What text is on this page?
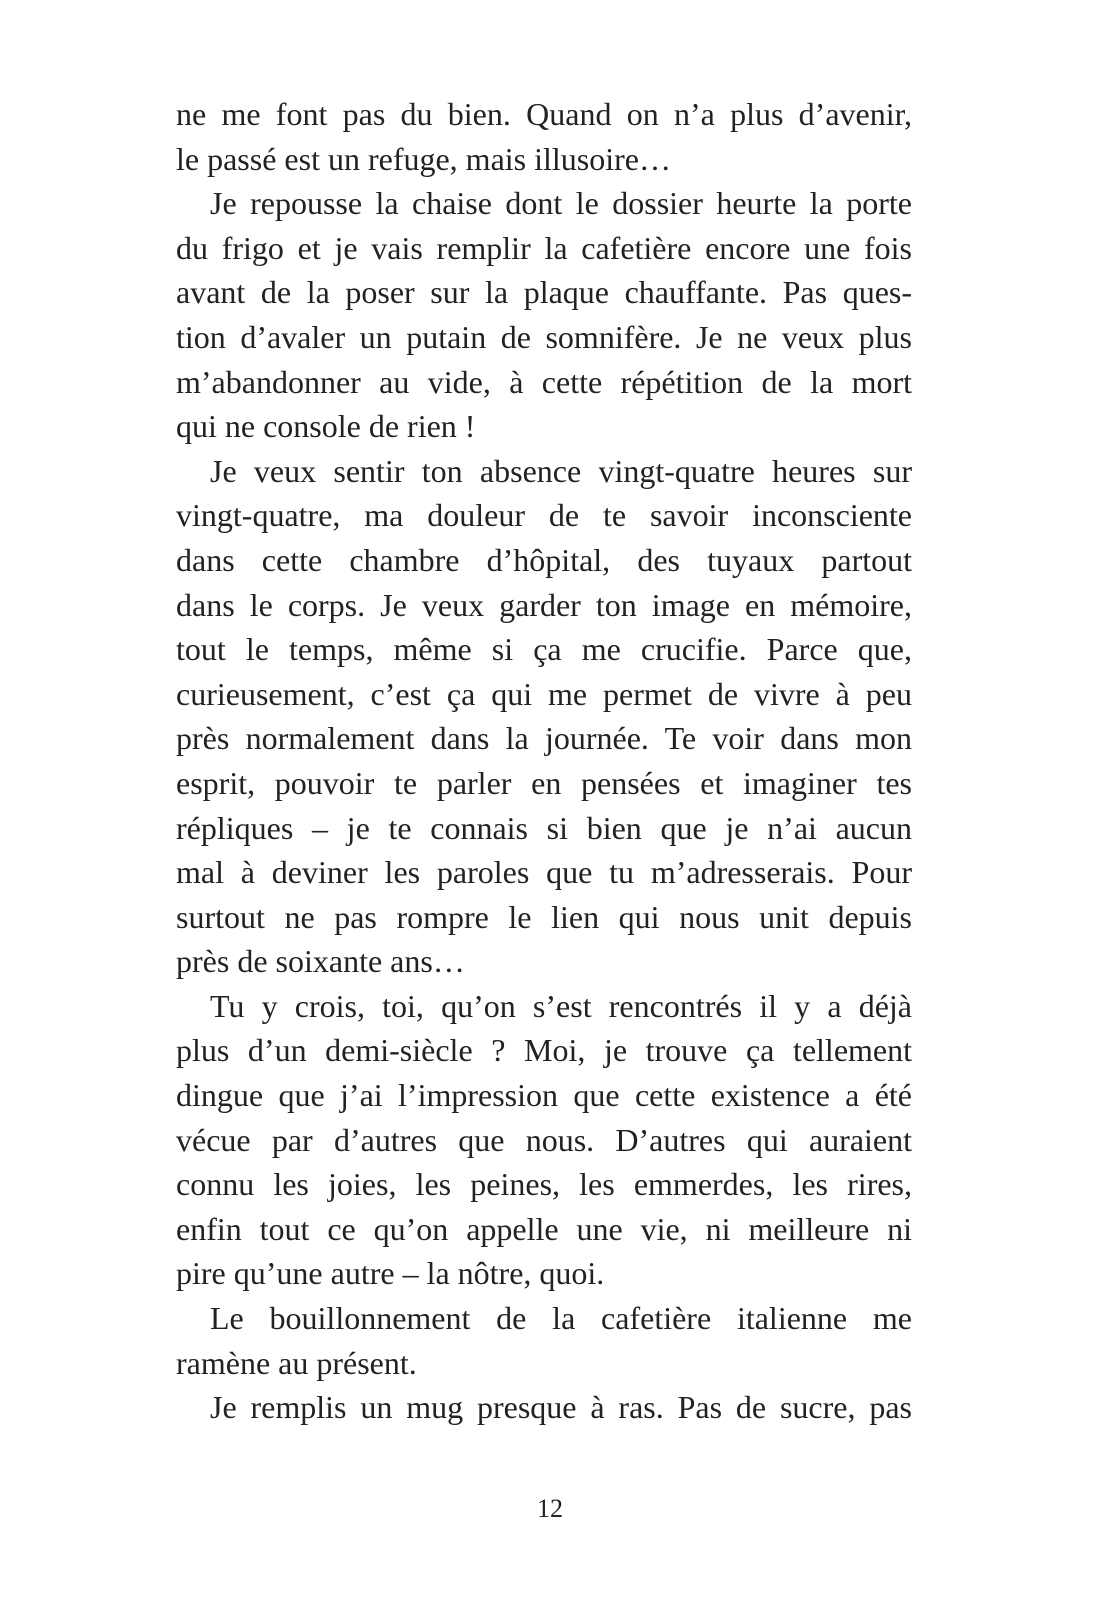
ne me font pas du bien. Quand on n’a plus d’avenir,
le passé est un refuge, mais illusoire…
Je repousse la chaise dont le dossier heurte la porte
du frigo et je vais remplir la cafetière encore une fois
avant de la poser sur la plaque chauffante. Pas ques-
tion d’avaler un putain de somnifère. Je ne veux plus
m’abandonner au vide, à cette répétition de la mort
qui ne console de rien !
Je veux sentir ton absence vingt-quatre heures sur
vingt-quatre, ma douleur de te savoir inconsciente
dans cette chambre d’hôpital, des tuyaux partout
dans le corps. Je veux garder ton image en mémoire,
tout le temps, même si ça me crucifie. Parce que,
curieusement, c’est ça qui me permet de vivre à peu
près normalement dans la journée. Te voir dans mon
esprit, pouvoir te parler en pensées et imaginer tes
répliques – je te connais si bien que je n’ai aucun
mal à deviner les paroles que tu m’adresserais. Pour
surtout ne pas rompre le lien qui nous unit depuis
près de soixante ans…
Tu y crois, toi, qu’on s’est rencontrés il y a déjà
plus d’un demi-siècle ? Moi, je trouve ça tellement
dingue que j’ai l’impression que cette existence a été
vécue par d’autres que nous. D’autres qui auraient
connu les joies, les peines, les emmerdes, les rires,
enfin tout ce qu’on appelle une vie, ni meilleure ni
pire qu’une autre – la nôtre, quoi.
Le bouillonnement de la cafetière italienne me
ramène au présent.
Je remplis un mug presque à ras. Pas de sucre, pas
12
